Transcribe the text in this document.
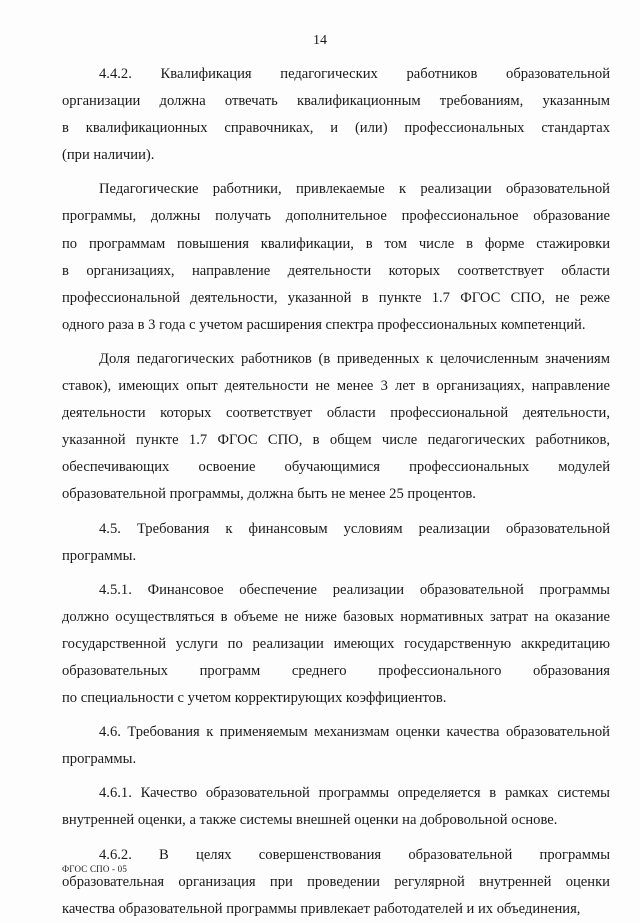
14

4.4.2. Квалификация педагогических работников образовательной
организации должна отвечать квалификационным требованиям, указанным
в квалификационных справочниках, и (или) профессиональных стандартах
(при наличии).

Педагогические работники, привлекаемые к реализации образовательной
программы, должны получать дополнительное профессиональное образование
по программам повышения квалификации, в том числе в форме стажировки
в организациях, направление деятельности которых соответствует области
профессиональной деятельности, указанной в пункте 1.7 ФГОС СПО, не реже
одного раза в 3 года с учетом расширения спектра профессиональных компетенций.

Доля педагогических работников (в приведенных к целочисленным значениям
ставок), имеющих опыт деятельности не менее 3 лет в организациях, направление
деятельности которых соответствует области профессиональной деятельности,
указанной пункте 1.7 ФГОС СПО, в общем числе педагогических работников,
обеспечивающих освоение обучающимися профессиональных модулей
образовательной программы, должна быть не менее 25 процентов.

4.5. Требования к финансовым условиям реализации образовательной
программы.

4.5.1. Финансовое обеспечение реализации образовательной программы
должно осуществляться в объеме не ниже базовых нормативных затрат на оказание
государственной услуги по реализации имеющих государственную аккредитацию
образовательных программ среднего профессионального образования
по специальности с учетом корректирующих коэффициентов.

4.6. Требования к применяемым механизмам оценки качества образовательной
программы.

4.6.1. Качество образовательной программы определяется в рамках системы
внутренней оценки, а также системы внешней оценки на добровольной основе.

4.6.2. В целях совершенствования образовательной программы
образовательная организация при проведении регулярной внутренней оценки
качества образовательной программы привлекает работодателей и их объединения,

ФГОС СПО - 05
